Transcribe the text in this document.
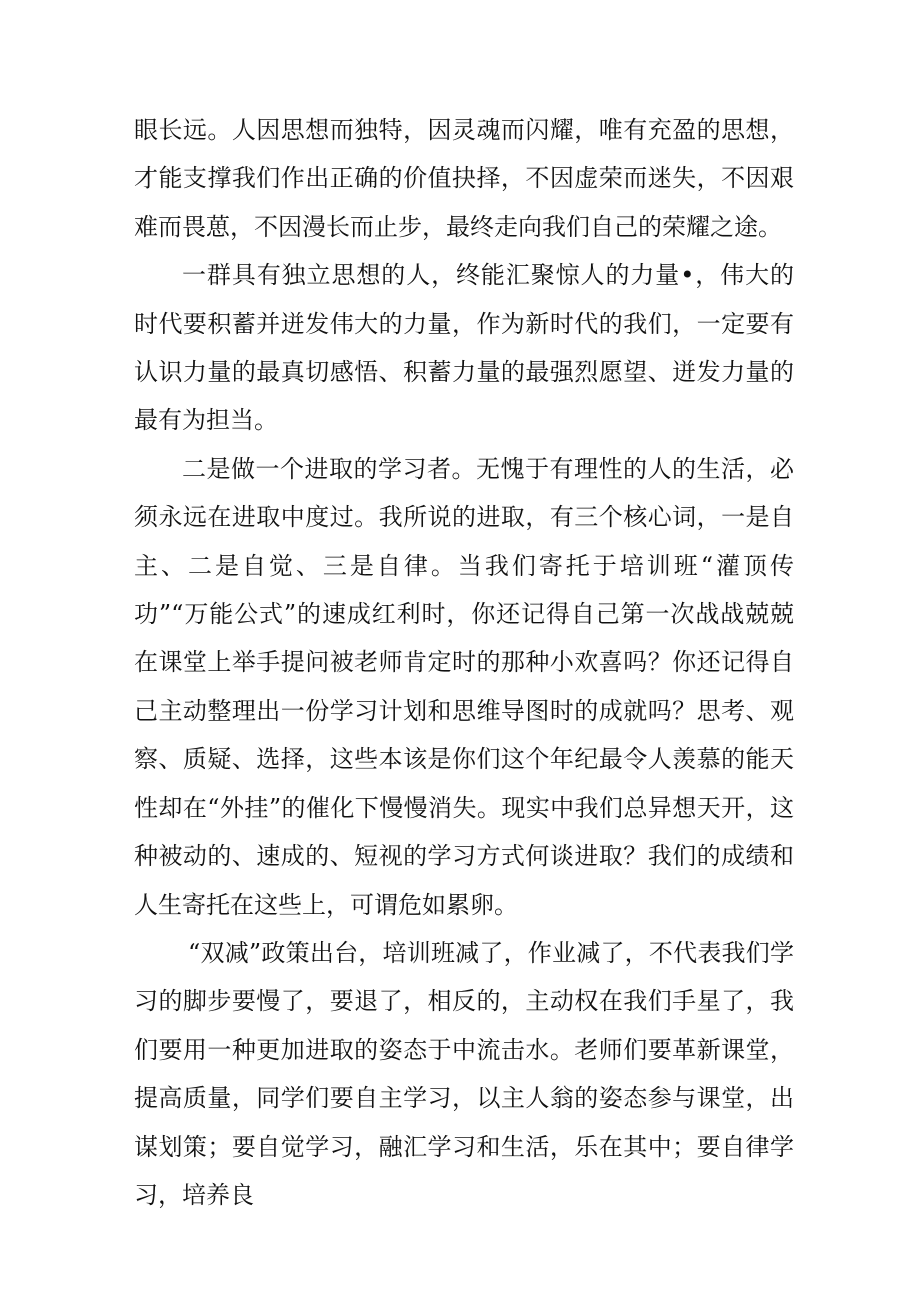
眼长远。人因思想而独特，因灵魂而闪耀，唯有充盈的思想，才能支撑我们作出正确的价值抉择，不因虚荣而迷失，不因艰难而畏葸，不因漫长而止步，最终走向我们自己的荣耀之途。

一群具有独立思想的人，终能汇聚惊人的力量•，伟大的时代要积蓄并迸发伟大的力量，作为新时代的我们，一定要有认识力量的最真切感悟、积蓄力量的最强烈愿望、迸发力量的最有为担当。

二是做一个进取的学习者。无愧于有理性的人的生活，必须永远在进取中度过。我所说的进取，有三个核心词，一是自主、二是自觉、三是自律。当我们寄托于培训班“灌顶传功”“万能公式”的速成红利时，你还记得自己第一次战战兢兢在课堂上举手提问被老师肯定时的那种小欢喜吗？你还记得自己主动整理出一份学习计划和思维导图时的成就吗？思考、观察、质疑、选择，这些本该是你们这个年纪最令人羡慕的能天性却在“外挂”的催化下慢慢消失。现实中我们总异想天开，这种被动的、速成的、短视的学习方式何谈进取？我们的成绩和人生寄托在这些上，可谓危如累卵。

“双减”政策出台，培训班减了，作业减了，不代表我们学习的脚步要慢了，要退了，相反的，主动权在我们手星了，我们要用一种更加进取的姿态于中流击水。老师们要革新课堂，提高质量，同学们要自主学习，以主人翁的姿态参与课堂，出谋划策；要自觉学习，融汇学习和生活，乐在其中；要自律学习，培养良
